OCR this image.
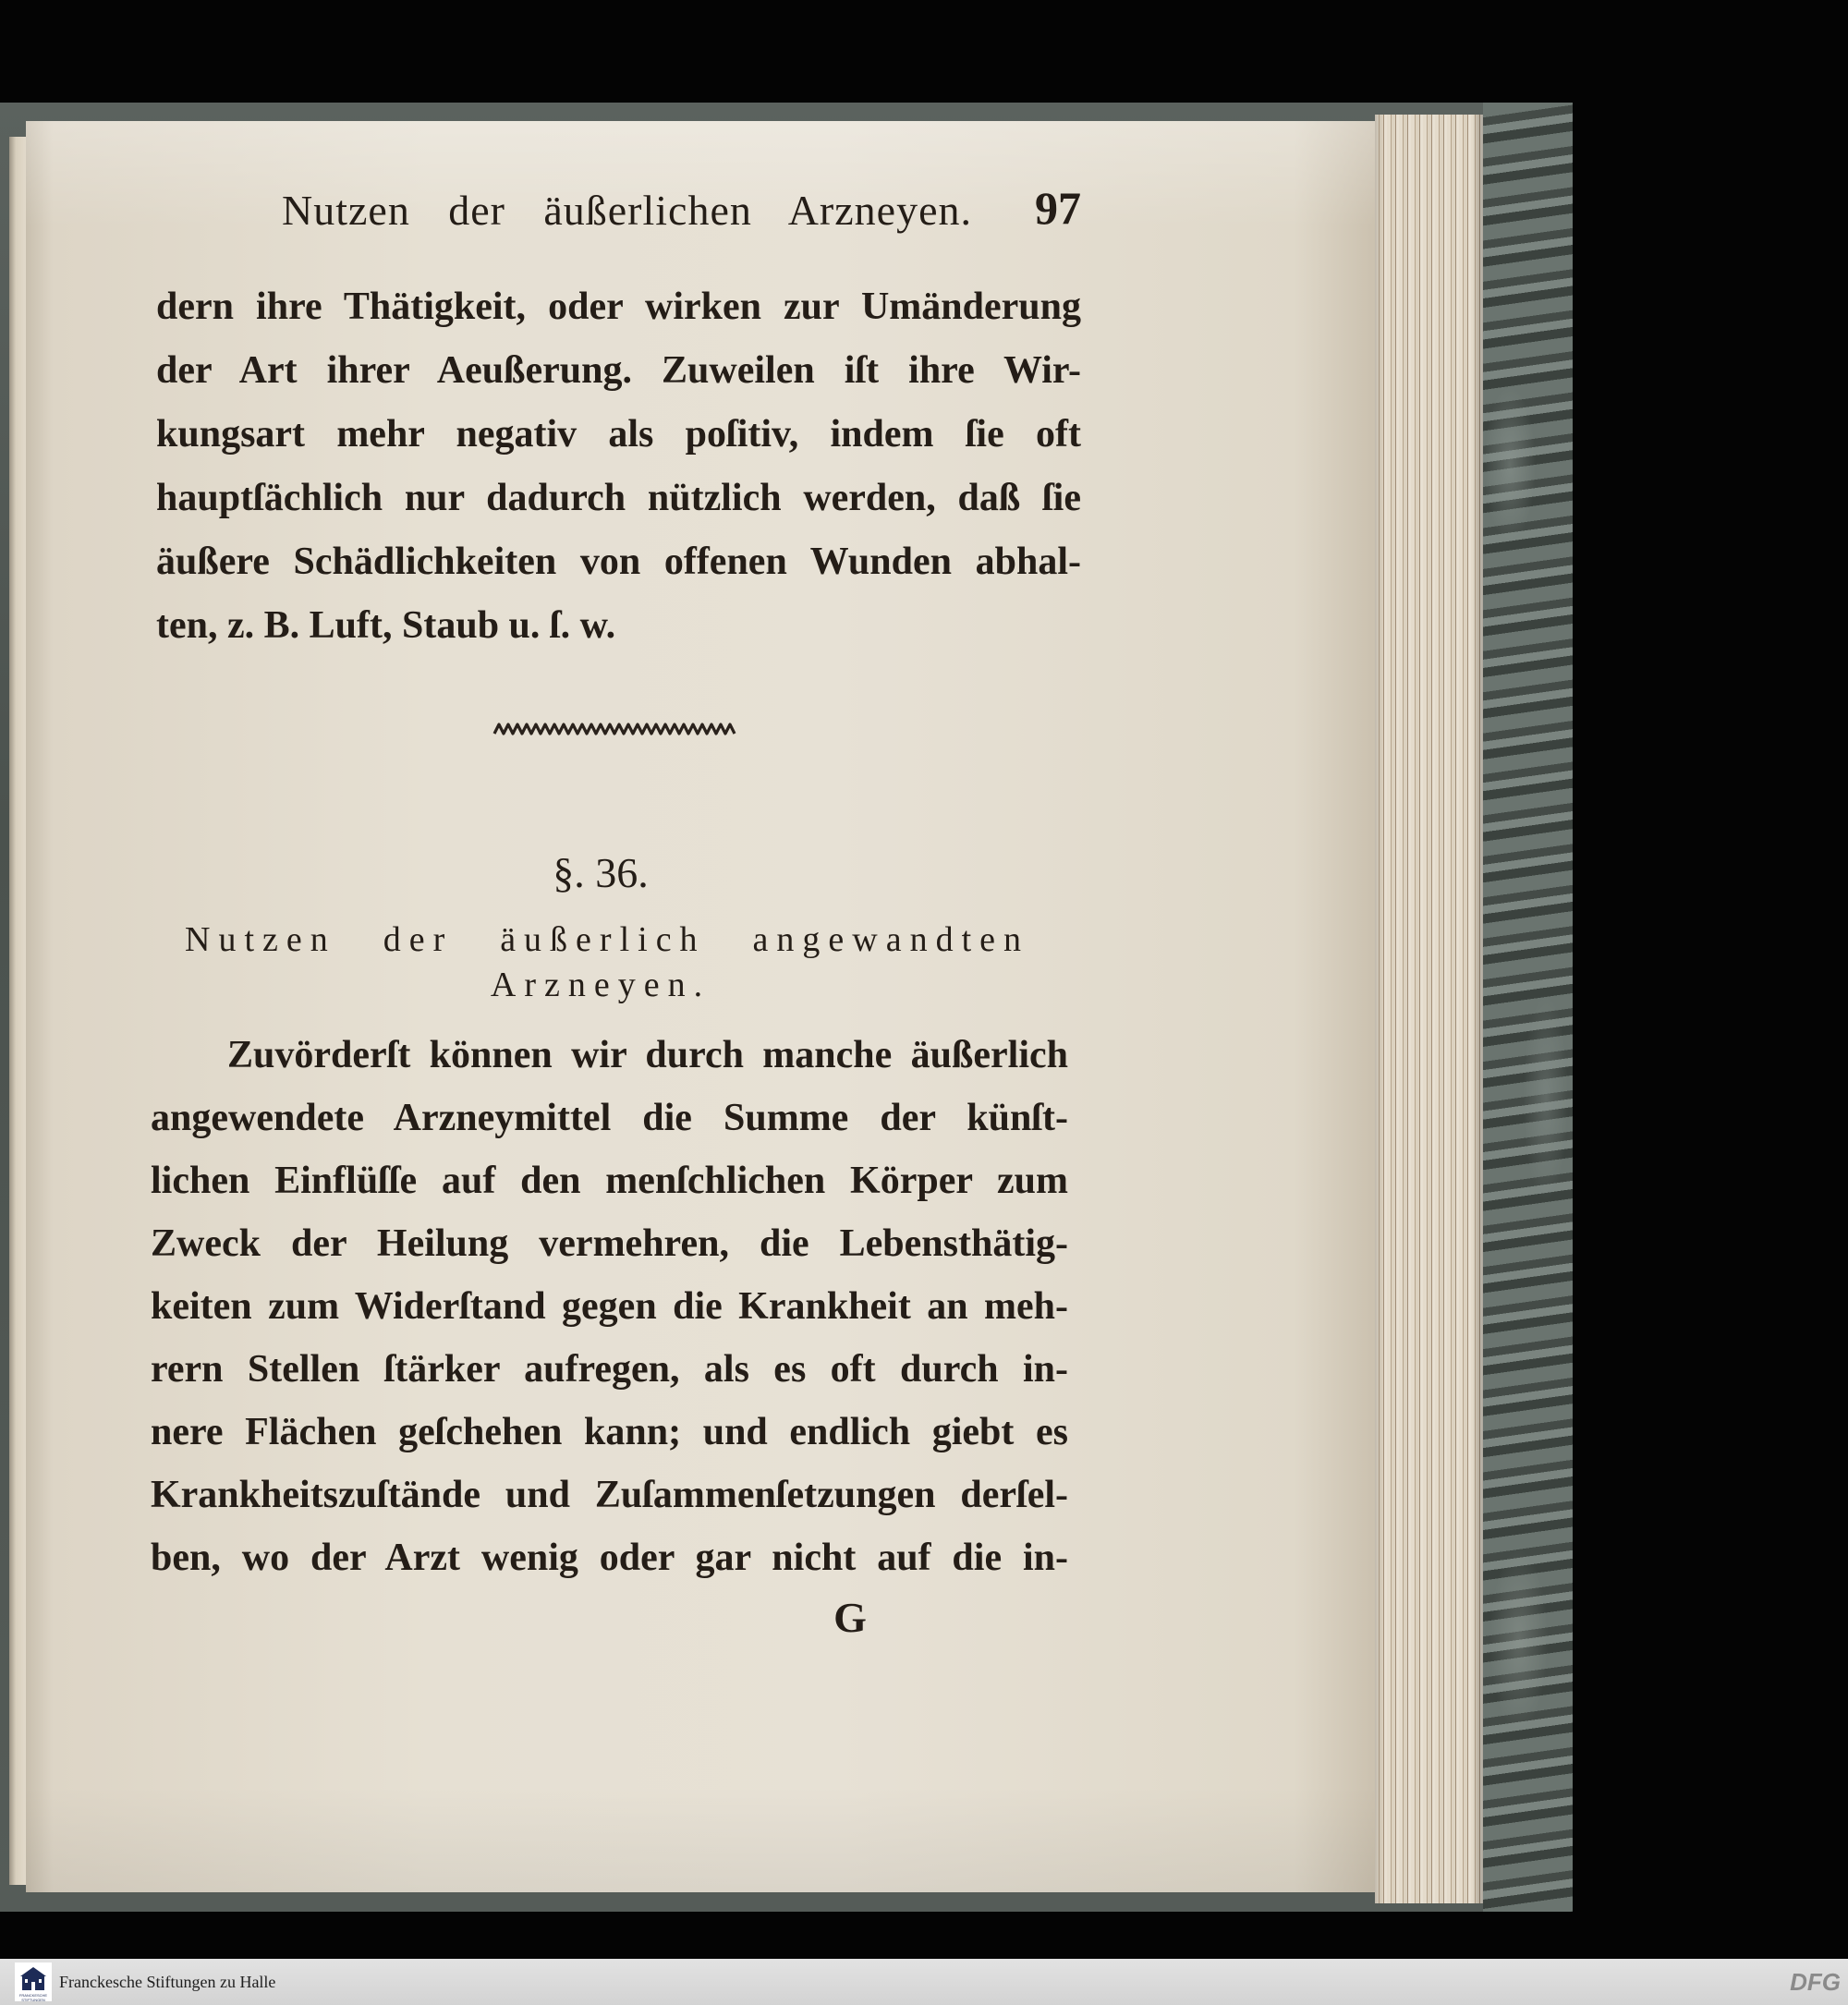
Nutzen der äußerlichen Arzneyen.	97
dern ihre Thätigkeit, oder wirken zur Umänderung
der Art ihrer Aeußerung. Zuweilen iſt ihre Wir-
kungsart mehr negativ als poſitiv, indem ſie oft
hauptſächlich nur dadurch nützlich werden, daß ſie
äußere Schädlichkeiten von offenen Wunden abhal-
ten, z. B. Luft, Staub u. ſ. w.
§. 36.
Nutzen der äußerlich angewandten
Arzneyen.
Zuvörderſt können wir durch manche äußerlich
angewendete Arzneymittel die Summe der künſt-
lichen Einflüſſe auf den menſchlichen Körper zum
Zweck der Heilung vermehren, die Lebensthätig-
keiten zum Widerſtand gegen die Krankheit an meh-
rern Stellen ſtärker aufregen, als es oft durch in-
nere Flächen geſchehen kann; und endlich giebt es
Krankheitszuſtände und Zuſammenſetzungen derſel-
ben, wo der Arzt wenig oder gar nicht auf die in-
G
FRANCKESCHE STIFTUNGEN
Franckesche Stiftungen zu Halle	DFG
